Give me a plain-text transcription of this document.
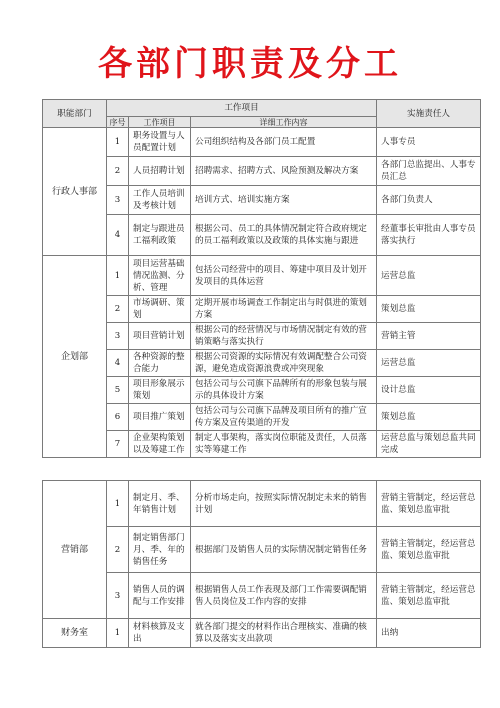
各部门职责及分工
职能部门	工作项目			实施责任人
	序号	工作项目	详细工作内容	
行政人事部	1	职务设置与人员配置计划	公司组织结构及各部门员工配置	人事专员
	2	人员招聘计划	招聘需求、招聘方式、风险预测及解决方案	各部门总监提出、人事专员汇总
	3	工作人员培训及考核计划	培训方式、培训实施方案	各部门负责人
	4	制定与跟进员工福利政策	根据公司、员工的具体情况制定符合政府规定的员工福利政策以及政策的具体实施与跟进	经董事长审批由人事专员落实执行
企划部	1	项目运营基础情况监测、分析、管理	包括公司经营中的项目、筹建中项目及计划开发项目的具体运营	运营总监
	2	市场调研、策划	定期开展市场调查工作制定出与时俱进的策划方案	策划总监
	3	项目营销计划	根据公司的经营情况与市场情况制定有效的营销策略与落实执行	营销主管
	4	各种资源的整合能力	根据公司资源的实际情况有效调配整合公司资源，避免造成资源浪费或冲突现象	运营总监
	5	项目形象展示策划	包括公司与公司旗下品牌所有的形象包装与展示的具体设计方案	设计总监
	6	项目推广策划	包括公司与公司旗下品牌及项目所有的推广宣传方案及宣传渠道的开发	策划总监
	7	企业架构策划以及筹建工作	制定人事架构，落实岗位职能及责任，人员落实等筹建工作	运营总监与策划总监共同完成
营销部	1	制定月、季、年销售计划	分析市场走向，按照实际情况制定未来的销售计划	营销主管制定，经运营总监、策划总监审批
	2	制定销售部门月、季、年的销售任务	根据部门及销售人员的实际情况制定销售任务	营销主管制定，经运营总监、策划总监审批
	3	销售人员的调配与工作安排	根据销售人员工作表现及部门工作需要调配销售人员岗位及工作内容的安排	营销主管制定，经运营总监、策划总监审批
财务室	1	材料核算及支出	就各部门提交的材料作出合理核实、准确的核算以及落实支出款项	出纳
